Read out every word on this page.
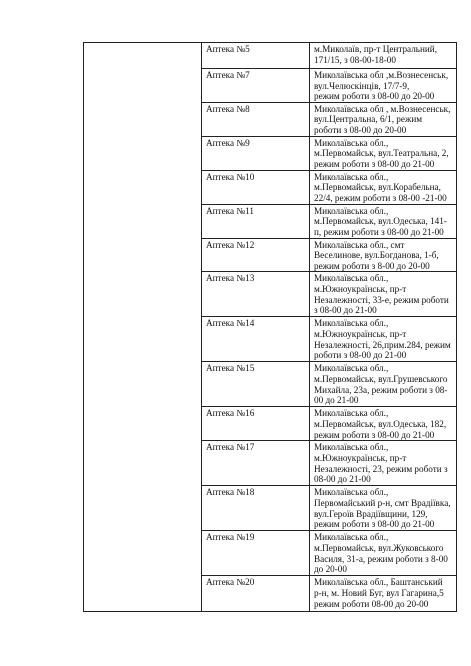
	Аптека №5	м.Миколаїв, пр-т Центральний,
171/15, з 08-00-18-00
	Аптека №7	Миколаївська обл ,м.Вознесенськ,
вул.Челюскінців, 17/7-9,
режим роботи з 08-00 до 20-00
	Аптека №8	Миколаївська обл , м.Вознесенськ,
вул.Центральна, 6/1, режим
роботи з 08-00 до 20-00
	Аптека №9	Миколаївська обл.,
м.Первомайськ, вул.Театральна, 2,
режим роботи з 08-00 до 21-00
	Аптека №10	Миколаївська обл.,
м.Первомайськ, вул.Корабельна,
22/4, режим роботи з 08-00 -21-00
	Аптека №11	Миколаївська обл.,
м.Первомайськ, вул.Одеська, 141-
п, режим роботи з 08-00 до 21-00
	Аптека №12	Миколаївська обл., смт
Веселинове, вул.Богданова, 1-б,
режим роботи з 8-00 до 20-00
	Аптека №13	Миколаївська обл.,
м.Южноукраїнськ, пр-т
Незалежності, 33-е, режим роботи
з 08-00 до 21-00
	Аптека №14	Миколаївська обл.,
м.Южноукраїнськ, пр-т
Незалежності, 26,прим.284, режим
роботи з 08-00 до 21-00
	Аптека №15	Миколаївська обл.,
м.Первомайськ, вул.Грушевського
Михайла, 23а, режим роботи з 08-
00 до 21-00
	Аптека №16	Миколаївська обл.,
м.Первомайськ, вул.Одеська, 182,
режим роботи з 08-00 до 21-00
	Аптека №17	Миколаївська обл.,
м.Южноукраїнськ, пр-т
Незалежності, 23, режим роботи з
08-00 до 21-00
	Аптека №18	Миколаївська обл.,
Первомайський р-н, смт Врадіївка,
вул.Героїв Врадіївщини, 129,
режим роботи з 08-00 до 21-00
	Аптека №19	Миколаївська обл.,
м.Первомайськ, вул.Жуковського
Василя, 31-а, режим роботи з 8-00
до 20-00
	Аптека №20	Миколаївська обл., Баштанський
р-н, м. Новий Буг, вул Гагарина,5
режим роботи 08-00 до 20-00
